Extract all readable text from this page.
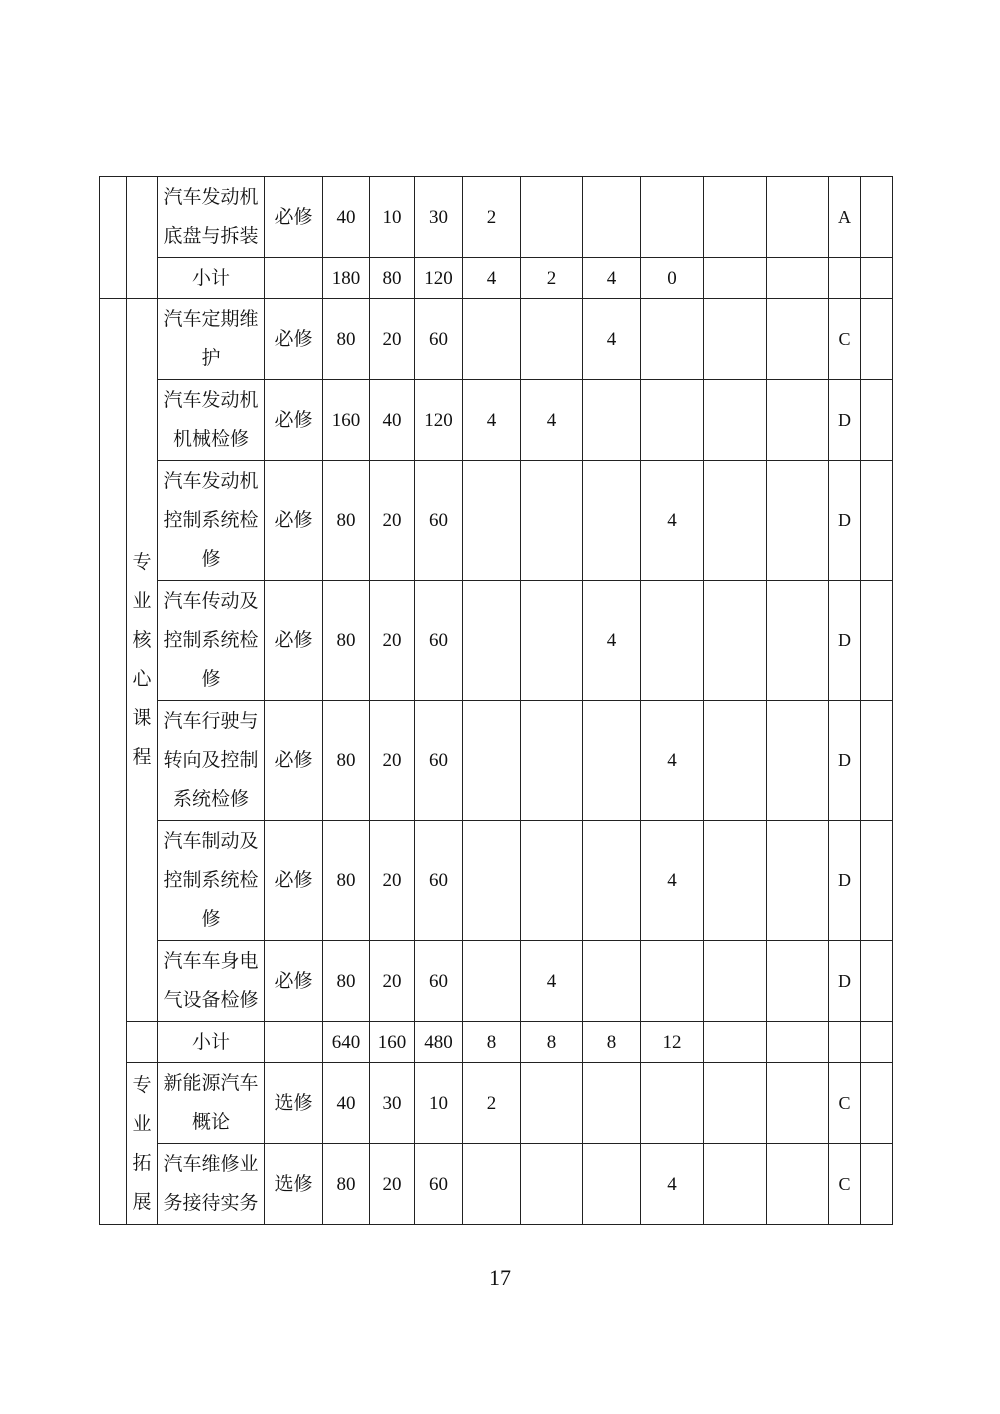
		汽车发动机底盘与拆装	必修	40	10	30	2						A	
		小计		180	80	120	4	2	4	0				
	专业核心课程	汽车定期维护	必修	80	20	60			4				C	
		汽车发动机机械检修	必修	160	40	120	4	4					D	
		汽车发动机控制系统检修	必修	80	20	60				4			D	
		汽车传动及控制系统检修	必修	80	20	60			4				D	
		汽车行驶与转向及控制系统检修	必修	80	20	60				4			D	
		汽车制动及控制系统检修	必修	80	20	60				4			D	
		汽车车身电气设备检修	必修	80	20	60		4					D	
		小计		640	160	480	8	8	8	12				
	专业拓展	新能源汽车概论	选修	40	30	10	2						C	
		汽车维修业务接待实务	选修	80	20	60				4			C	
17
